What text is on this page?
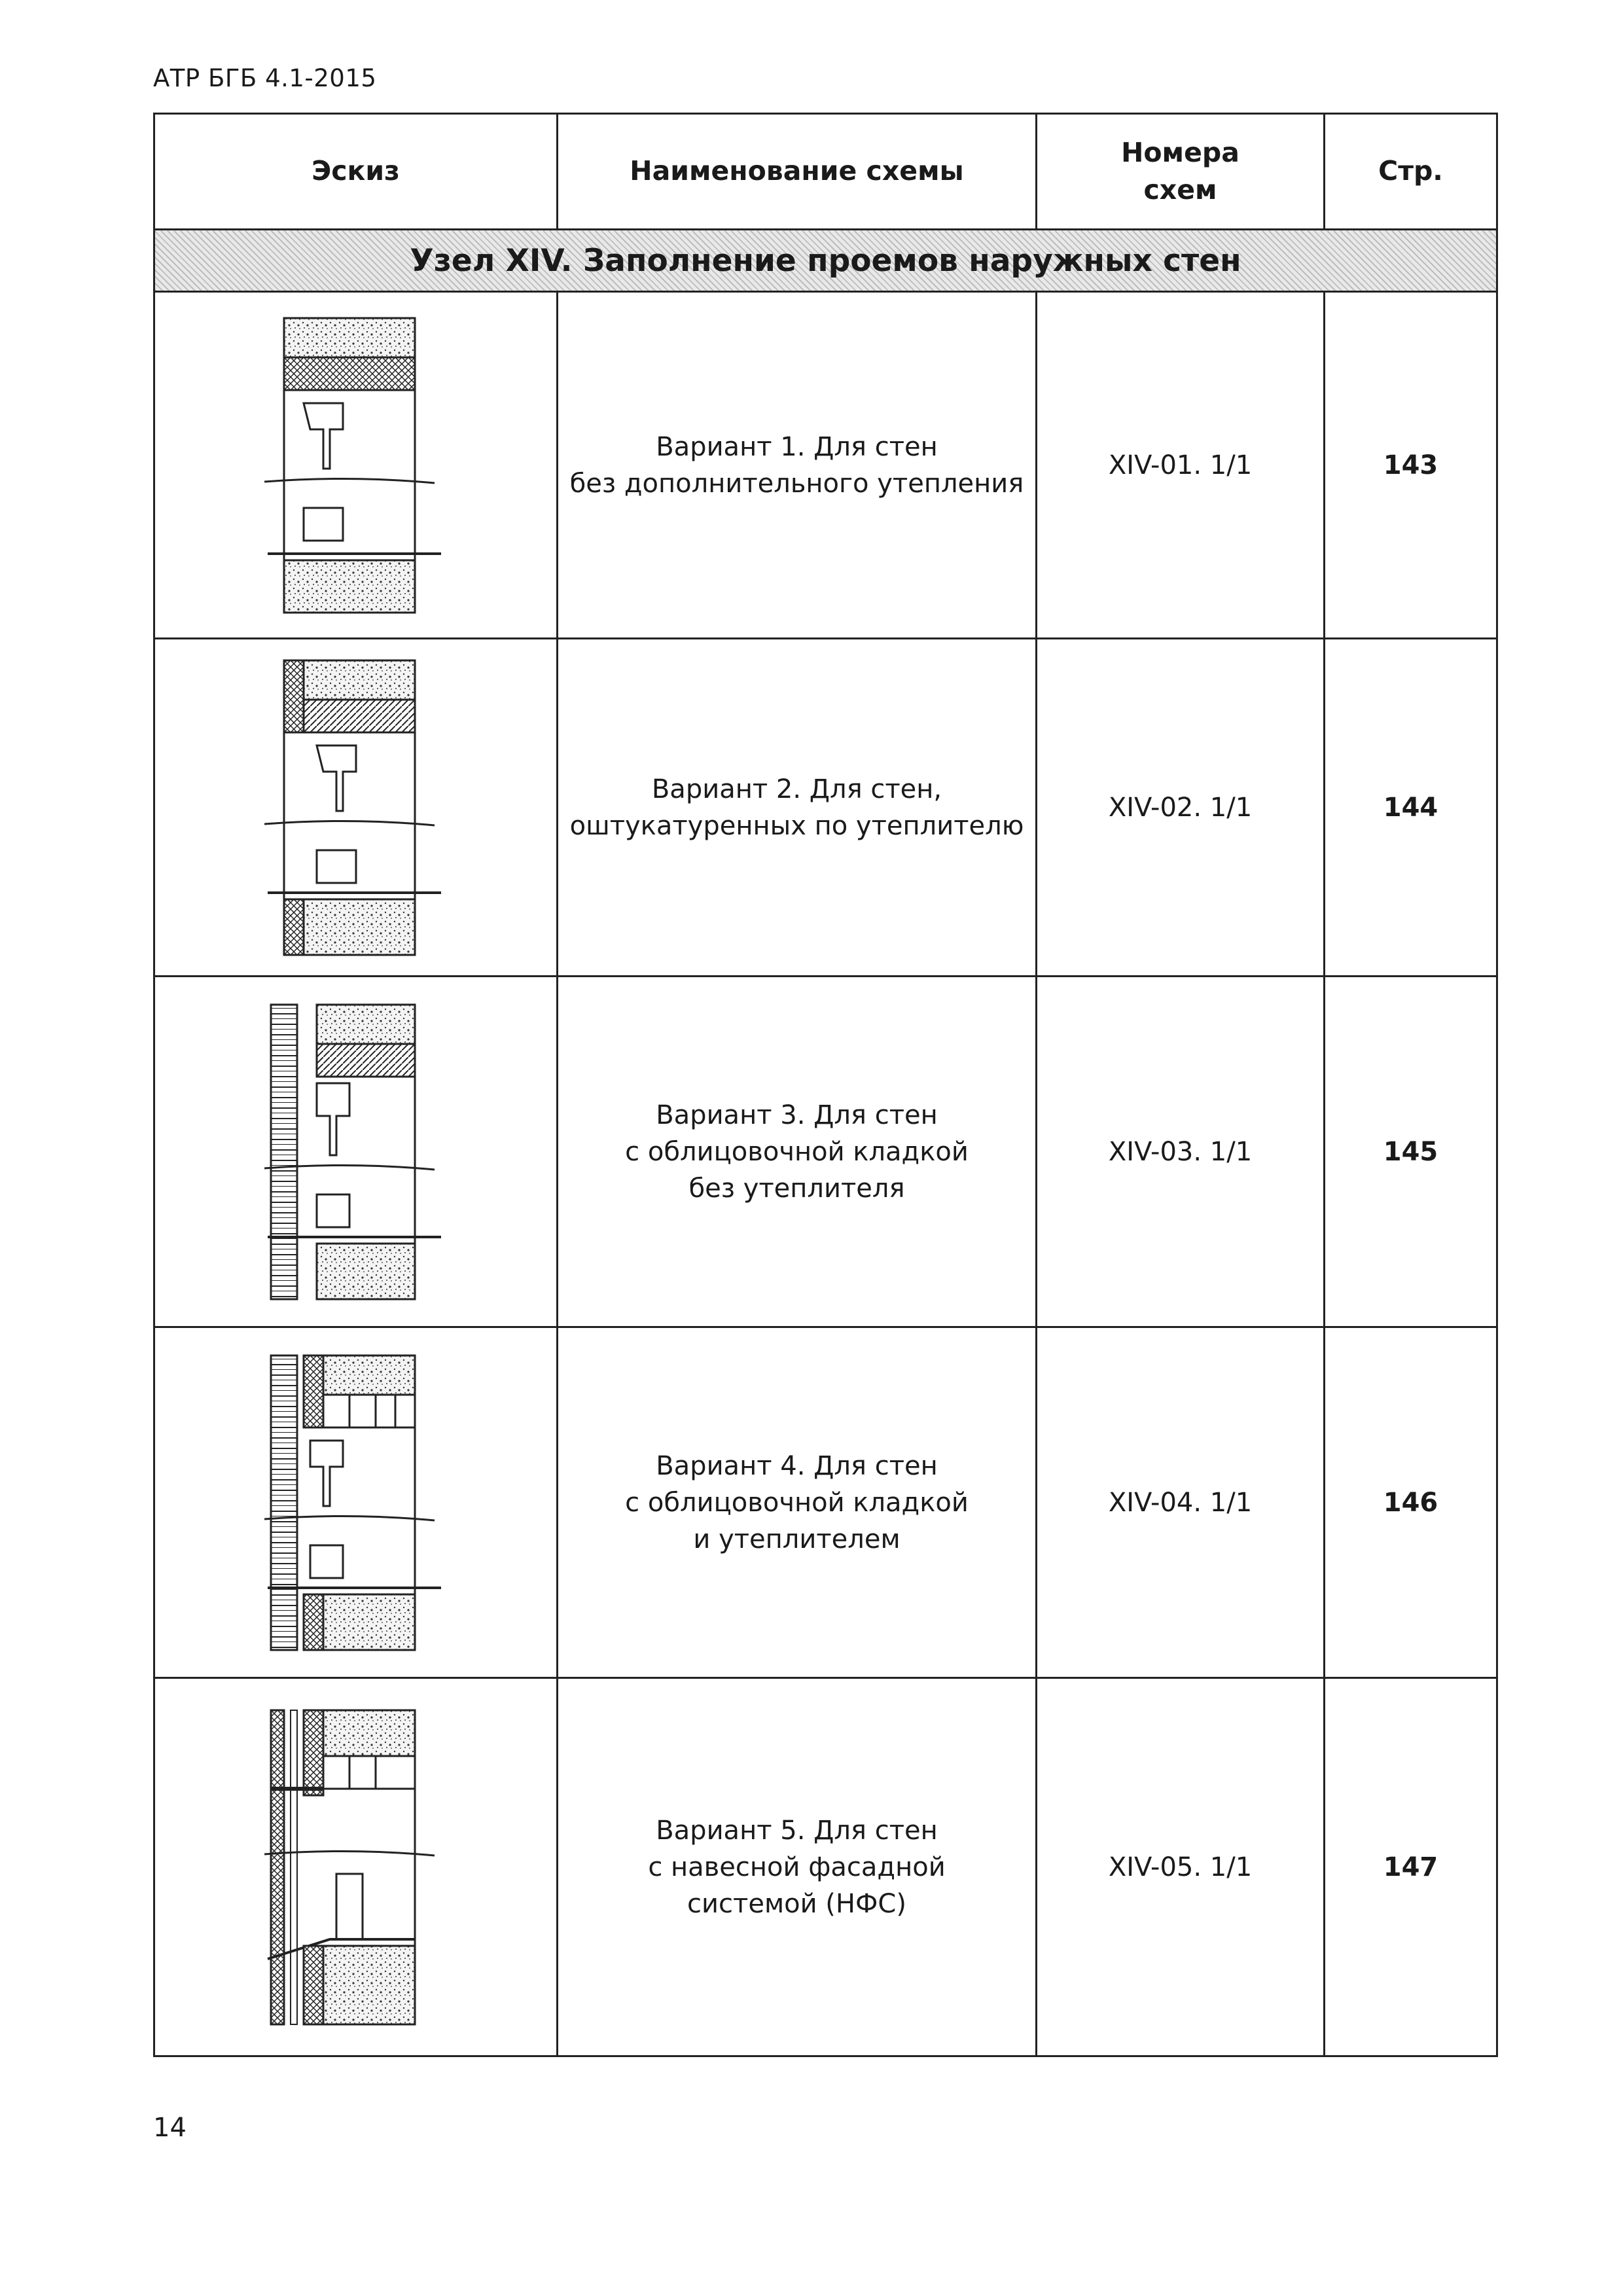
АТР БГБ 4.1-2015
Эскиз	Наименование схемы	Номера
схем	Стр.
Узел XIV. Заполнение проемов наружных стен			

Вариант 1. Для стен
без дополнительного утепления	XIV-01. 1/1	143

Вариант 2. Для стен,
оштукатуренных по утеплителю	XIV-02. 1/1	144

Вариант 3. Для стен
с облицовочной кладкой
без утеплителя	XIV-03. 1/1	145

Вариант 4. Для стен
с облицовочной кладкой
и утеплителем	XIV-04. 1/1	146

Вариант 5. Для стен
с навесной фасадной
системой (НФС)	XIV-05. 1/1	147
14
